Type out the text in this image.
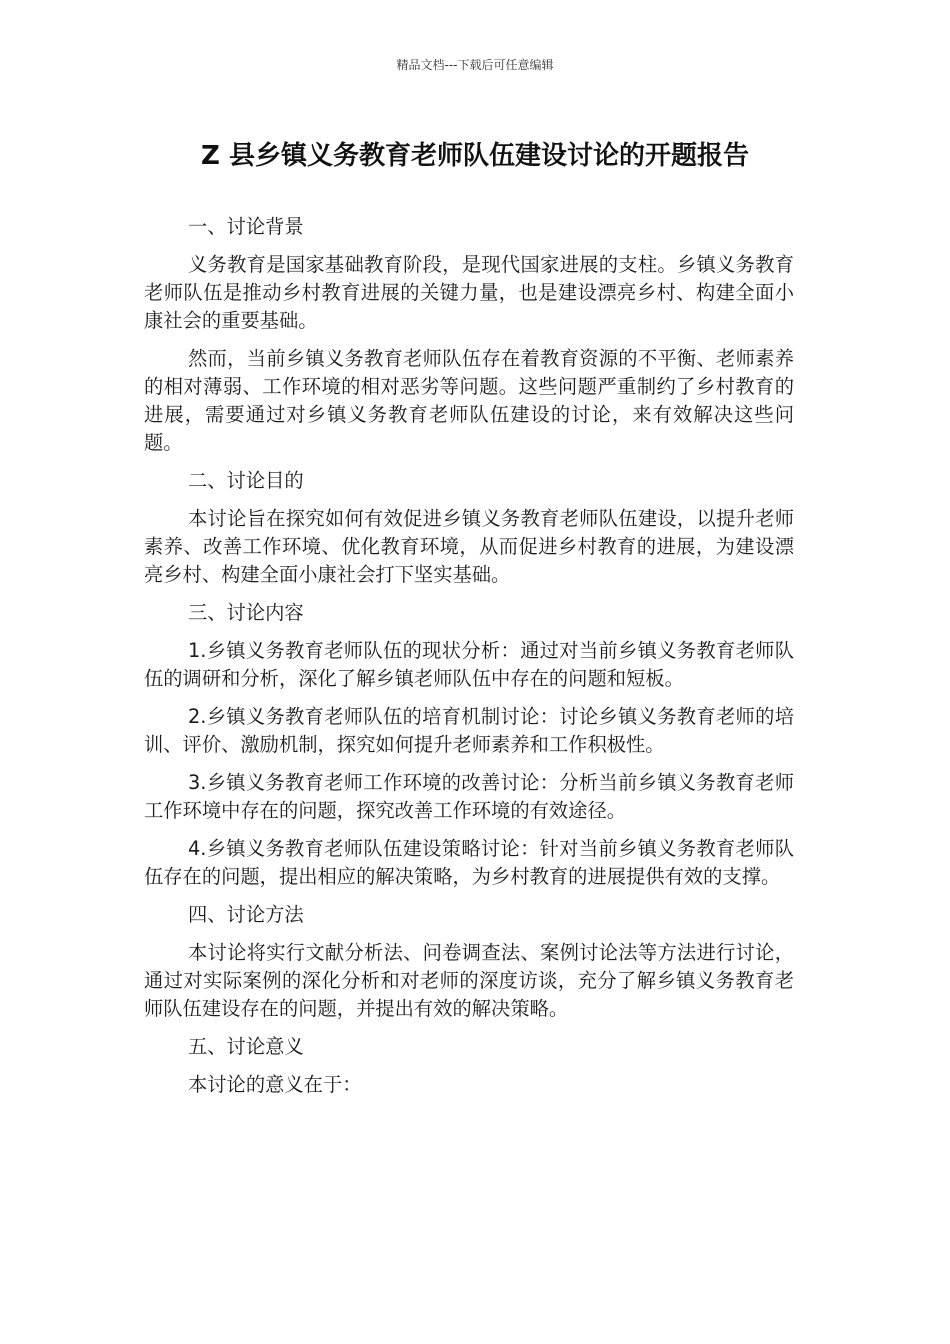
精品文档---下载后可任意编辑
Z 县乡镇义务教育老师队伍建设讨论的开题报告

一、讨论背景

义务教育是国家基础教育阶段，是现代国家进展的支柱。乡镇义务教育老师队伍是推动乡村教育进展的关键力量，也是建设漂亮乡村、构建全面小康社会的重要基础。

然而，当前乡镇义务教育老师队伍存在着教育资源的不平衡、老师素养的相对薄弱、工作环境的相对恶劣等问题。这些问题严重制约了乡村教育的进展，需要通过对乡镇义务教育老师队伍建设的讨论，来有效解决这些问题。

二、讨论目的

本讨论旨在探究如何有效促进乡镇义务教育老师队伍建设，以提升老师素养、改善工作环境、优化教育环境，从而促进乡村教育的进展，为建设漂亮乡村、构建全面小康社会打下坚实基础。

三、讨论内容

1.乡镇义务教育老师队伍的现状分析：通过对当前乡镇义务教育老师队伍的调研和分析，深化了解乡镇老师队伍中存在的问题和短板。

2.乡镇义务教育老师队伍的培育机制讨论：讨论乡镇义务教育老师的培训、评价、激励机制，探究如何提升老师素养和工作积极性。

3.乡镇义务教育老师工作环境的改善讨论：分析当前乡镇义务教育老师工作环境中存在的问题，探究改善工作环境的有效途径。

4.乡镇义务教育老师队伍建设策略讨论：针对当前乡镇义务教育老师队伍存在的问题，提出相应的解决策略，为乡村教育的进展提供有效的支撑。

四、讨论方法

本讨论将实行文献分析法、问卷调查法、案例讨论法等方法进行讨论，通过对实际案例的深化分析和对老师的深度访谈，充分了解乡镇义务教育老师队伍建设存在的问题，并提出有效的解决策略。

五、讨论意义

本讨论的意义在于：
